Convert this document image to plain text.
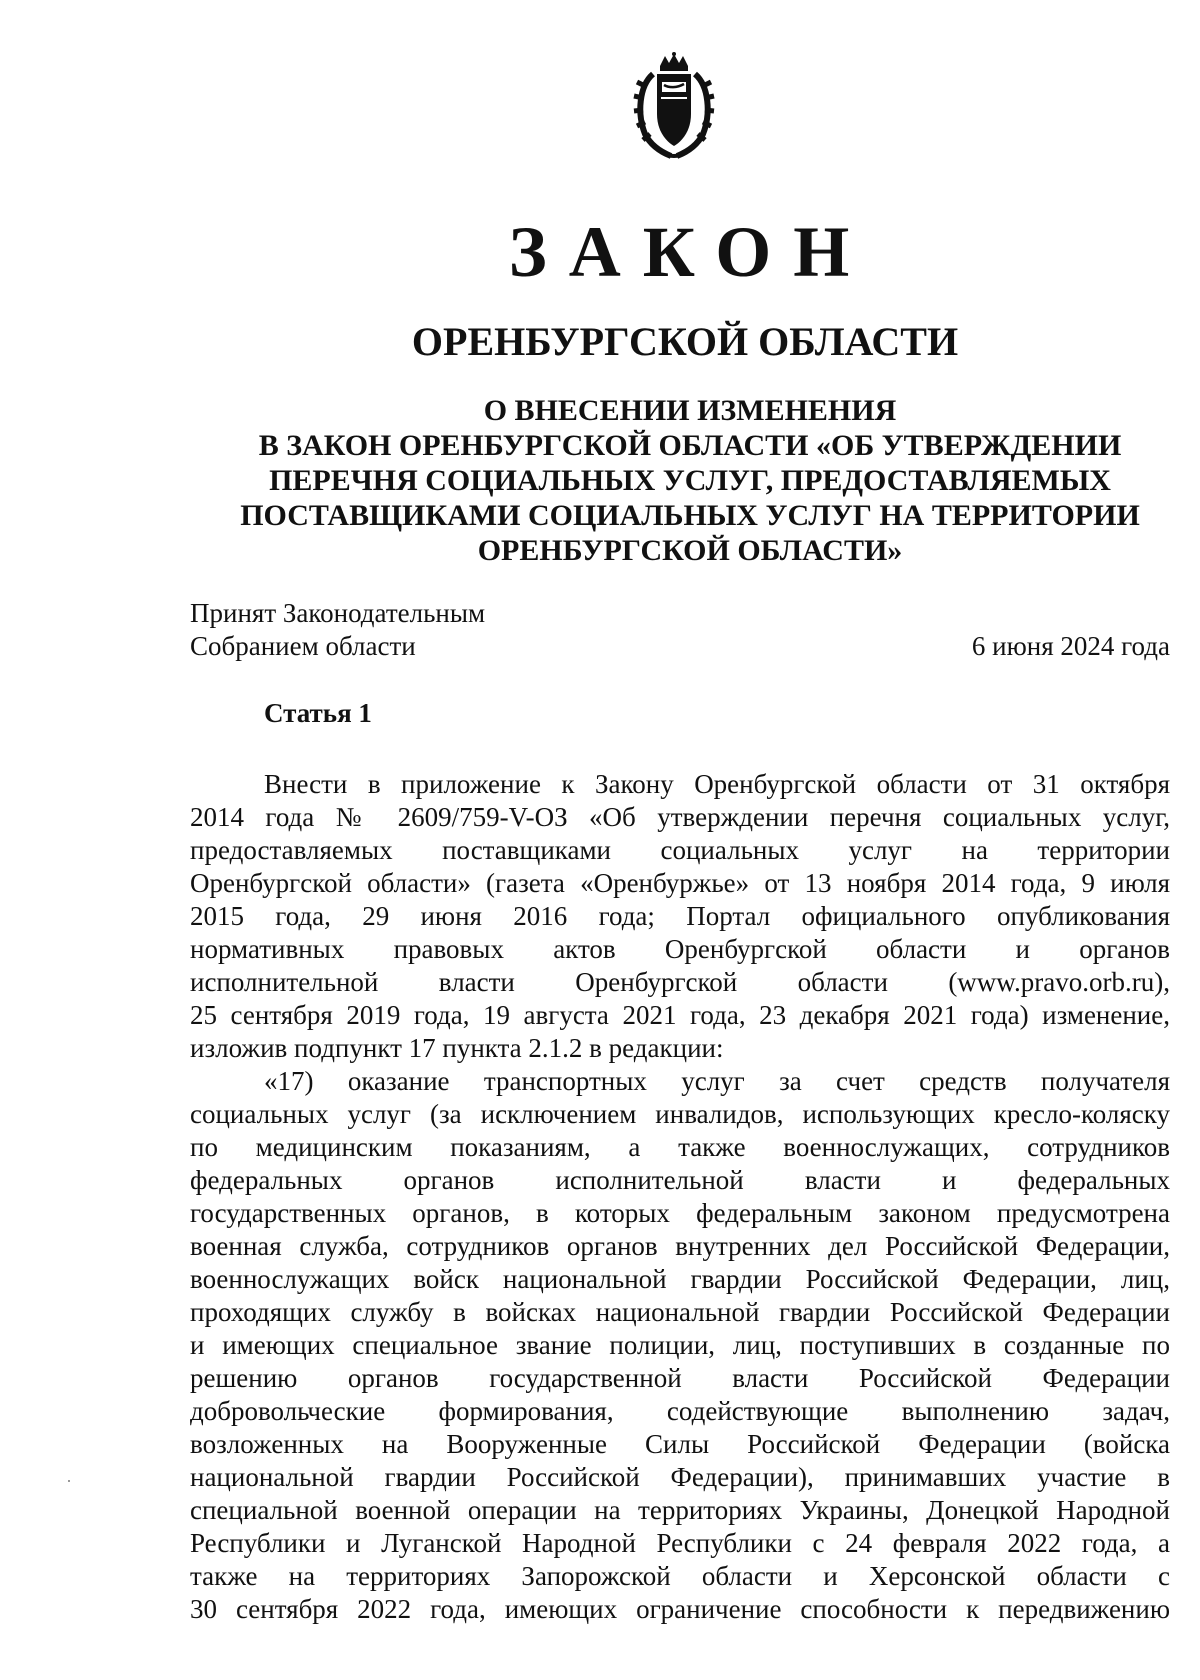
ЗАКОН
ОРЕНБУРГСКОЙ ОБЛАСТИ
О ВНЕСЕНИИ ИЗМЕНЕНИЯ
В ЗАКОН ОРЕНБУРГСКОЙ ОБЛАСТИ «ОБ УТВЕРЖДЕНИИ
ПЕРЕЧНЯ СОЦИАЛЬНЫХ УСЛУГ, ПРЕДОСТАВЛЯЕМЫХ
ПОСТАВЩИКАМИ СОЦИАЛЬНЫХ УСЛУГ НА ТЕРРИТОРИИ
ОРЕНБУРГСКОЙ ОБЛАСТИ»
Принят Законодательным
Собранием области	6 июня 2024 года
Статья 1
Внести в приложение к Закону Оренбургской области от 31 октября
2014 года № 2609/759-V-ОЗ «Об утверждении перечня социальных услуг,
предоставляемых поставщиками социальных услуг на территории
Оренбургской области» (газета «Оренбуржье» от 13 ноября 2014 года, 9 июля
2015 года, 29 июня 2016 года; Портал официального опубликования
нормативных правовых актов Оренбургской области и органов
исполнительной власти Оренбургской области (www.pravo.orb.ru),
25 сентября 2019 года, 19 августа 2021 года, 23 декабря 2021 года) изменение,
изложив подпункт 17 пункта 2.1.2 в редакции:
«17) оказание транспортных услуг за счет средств получателя
социальных услуг (за исключением инвалидов, использующих кресло-коляску
по медицинским показаниям, а также военнослужащих, сотрудников
федеральных органов исполнительной власти и федеральных
государственных органов, в которых федеральным законом предусмотрена
военная служба, сотрудников органов внутренних дел Российской Федерации,
военнослужащих войск национальной гвардии Российской Федерации, лиц,
проходящих службу в войсках национальной гвардии Российской Федерации
и имеющих специальное звание полиции, лиц, поступивших в созданные по
решению органов государственной власти Российской Федерации
добровольческие формирования, содействующие выполнению задач,
возложенных на Вооруженные Силы Российской Федерации (войска
национальной гвардии Российской Федерации), принимавших участие в
специальной военной операции на территориях Украины, Донецкой Народной
Республики и Луганской Народной Республики с 24 февраля 2022 года, а
также на территориях Запорожской области и Херсонской области с
30 сентября 2022 года, имеющих ограничение способности к передвижению
